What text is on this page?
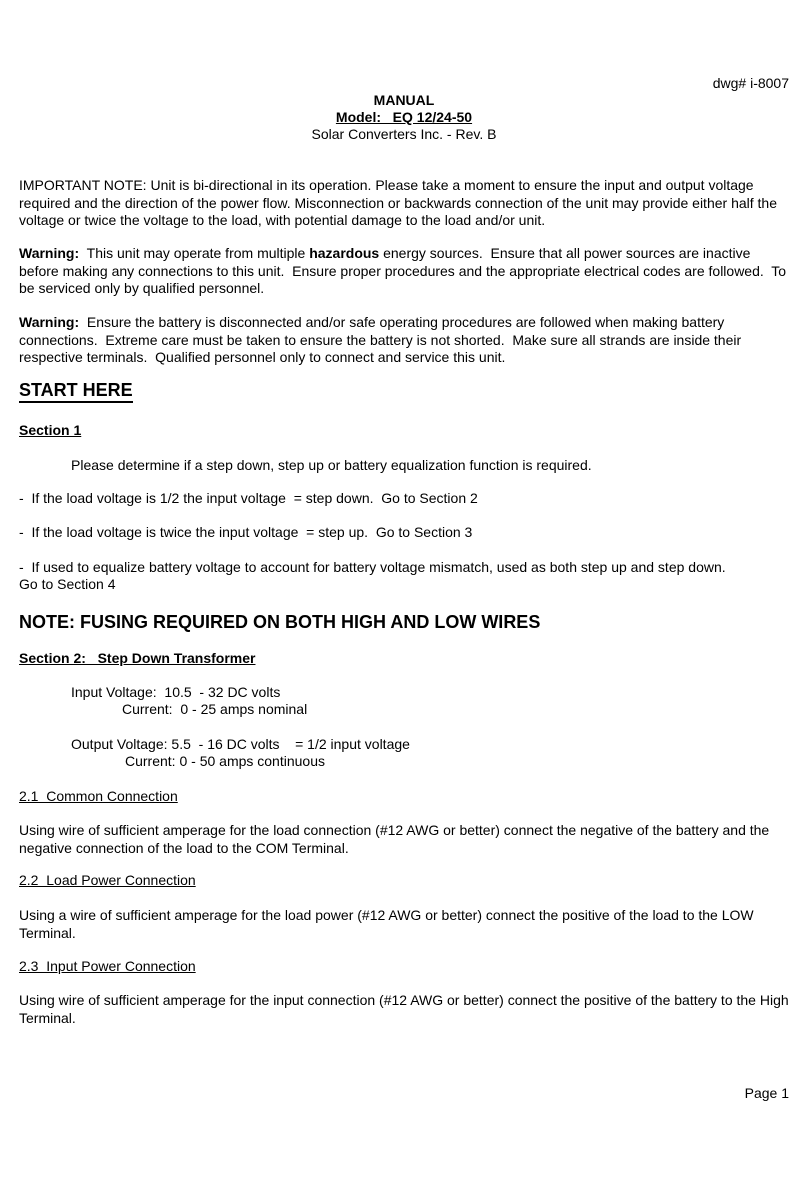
dwg# i-8007
MANUAL
Model:   EQ 12/24-50
Solar Converters Inc. - Rev. B

IMPORTANT NOTE: Unit is bi-directional in its operation. Please take a moment to ensure the input and output voltage required and the direction of the power flow. Misconnection or backwards connection of the unit may provide either half the voltage or twice the voltage to the load, with potential damage to the load and/or unit.

Warning:  This unit may operate from multiple hazardous energy sources.  Ensure that all power sources are inactive before making any connections to this unit.  Ensure proper procedures and the appropriate electrical codes are followed.  To be serviced only by qualified personnel.

Warning:  Ensure the battery is disconnected and/or safe operating procedures are followed when making battery connections.  Extreme care must be taken to ensure the battery is not shorted.  Make sure all strands are inside their respective terminals.  Qualified personnel only to connect and service this unit.

START HERE
Section 1
Please determine if a step down, step up or battery equalization function is required.
-  If the load voltage is 1/2 the input voltage  = step down.  Go to Section 2
-  If the load voltage is twice the input voltage  = step up.  Go to Section 3
-  If used to equalize battery voltage to account for battery voltage mismatch, used as both step up and step down.
Go to Section 4
NOTE: FUSING REQUIRED ON BOTH HIGH AND LOW WIRES
Section 2:   Step Down Transformer
Input Voltage:  10.5  - 32 DC volts
Current:  0 - 25 amps nominal
Output Voltage: 5.5  - 16 DC volts    = 1/2 input voltage
Current: 0 - 50 amps continuous
2.1  Common Connection

Using wire of sufficient amperage for the load connection (#12 AWG or better) connect the negative of the battery and the negative connection of the load to the COM Terminal.

2.2  Load Power Connection

Using a wire of sufficient amperage for the load power (#12 AWG or better) connect the positive of the load to the LOW Terminal.

2.3  Input Power Connection

Using wire of sufficient amperage for the input connection (#12 AWG or better) connect the positive of the battery to the High Terminal.

Page 1
